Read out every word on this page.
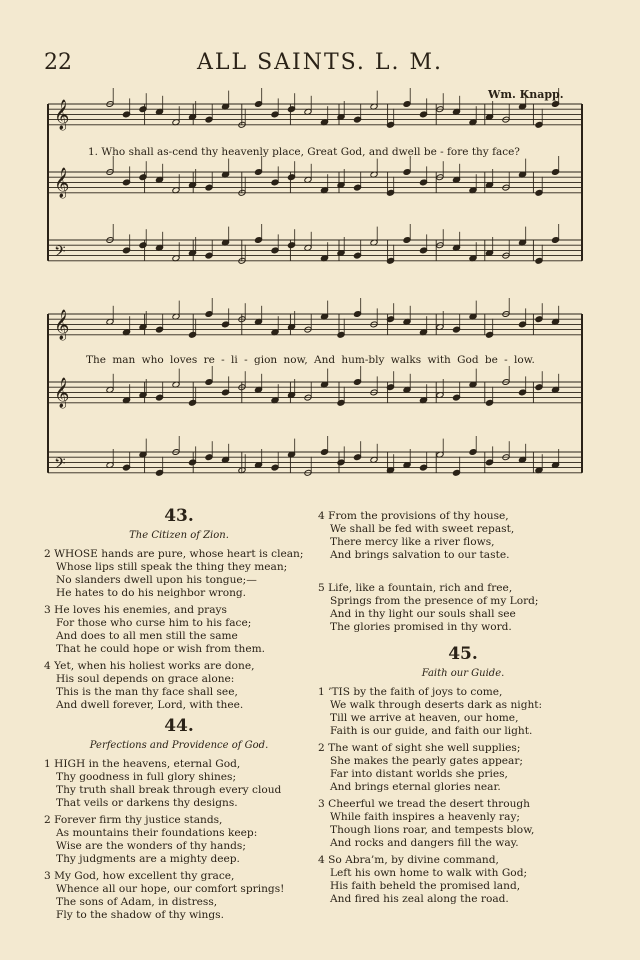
22	ALL SAINTS. L. M.
Wm. Knapp.
𝄞
𝄞
𝄢
𝄞
𝄞
𝄢
1. Who shall as-cend thy heavenly place, Great God, and dwell be - fore thy face?
The man who loves re - li - gion now, And hum-bly walks with God be - low.
43.
The Citizen of Zion.
2 WHOSE hands are pure, whose heart is clean;
Whose lips still speak the thing they mean;
No slanders dwell upon his tongue;—
He hates to do his neighbor wrong.
3 He loves his enemies, and prays
For those who curse him to his face;
And does to all men still the same
That he could hope or wish from them.
4 Yet, when his holiest works are done,
His soul depends on grace alone:
This is the man thy face shall see,
And dwell forever, Lord, with thee.
44.
Perfections and Providence of God.
1 HIGH in the heavens, eternal God,
Thy goodness in full glory shines;
Thy truth shall break through every cloud
That veils or darkens thy designs.
2 Forever firm thy justice stands,
As mountains their foundations keep:
Wise are the wonders of thy hands;
Thy judgments are a mighty deep.
3 My God, how excellent thy grace,
Whence all our hope, our comfort springs!
The sons of Adam, in distress,
Fly to the shadow of thy wings.
4 From the provisions of thy house,
We shall be fed with sweet repast,
There mercy like a river flows,
And brings salvation to our taste.
5 Life, like a fountain, rich and free,
Springs from the presence of my Lord;
And in thy light our souls shall see
The glories promised in thy word.
45.
Faith our Guide.
1 ’TIS by the faith of joys to come,
We walk through deserts dark as night:
Till we arrive at heaven, our home,
Faith is our guide, and faith our light.
2 The want of sight she well supplies;
She makes the pearly gates appear;
Far into distant worlds she pries,
And brings eternal glories near.
3 Cheerful we tread the desert through
While faith inspires a heavenly ray;
Though lions roar, and tempests blow,
And rocks and dangers fill the way.
4 So Abra’m, by divine command,
Left his own home to walk with God;
His faith beheld the promised land,
And fired his zeal along the road.
